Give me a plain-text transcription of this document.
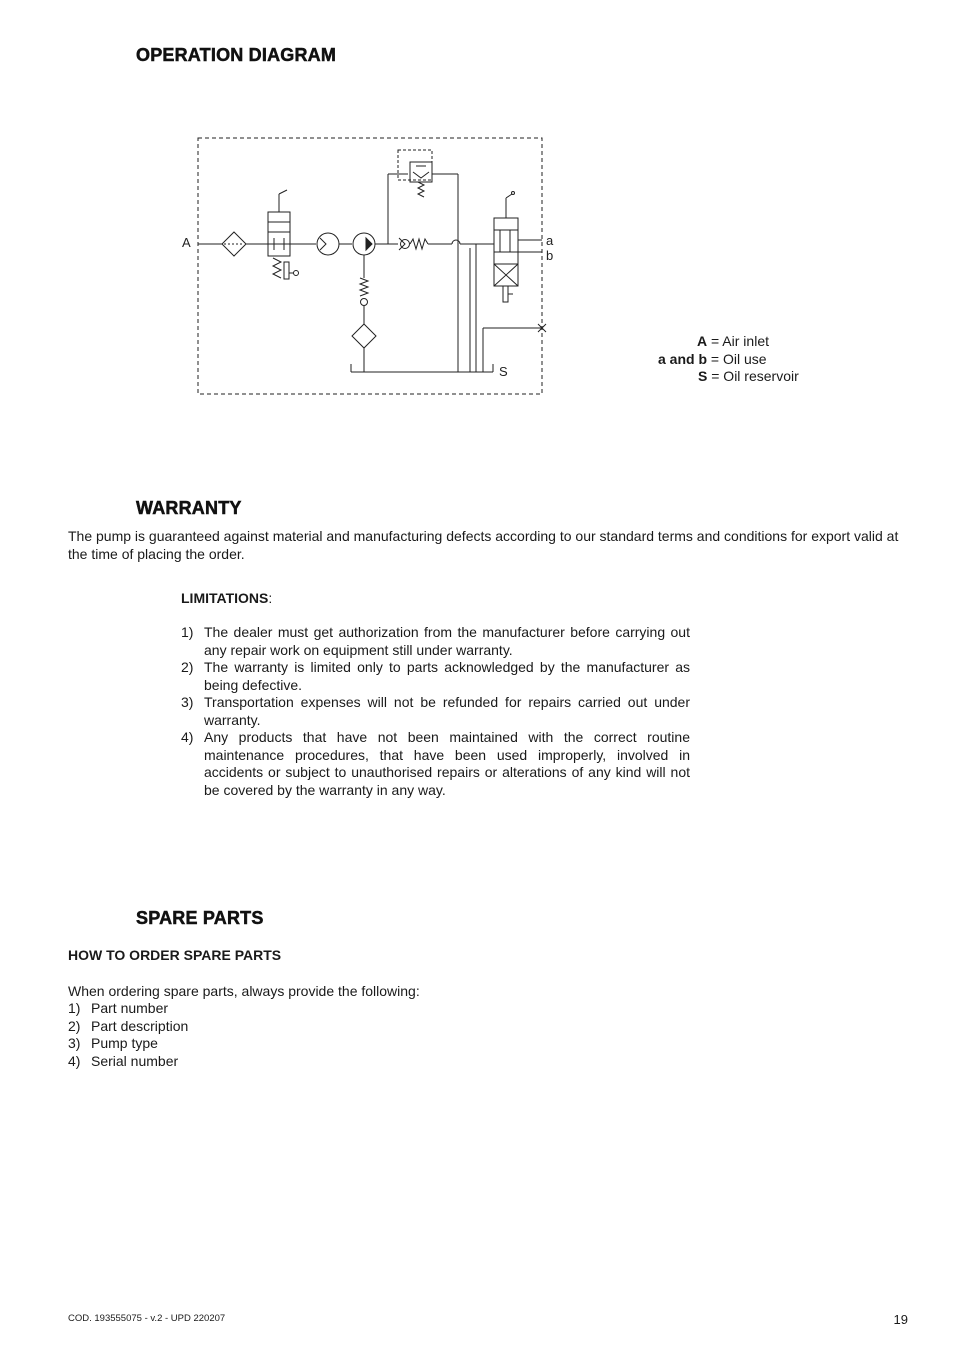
OPERATION DIAGRAM
A
S
a
b
A = Air inlet
a and b = Oil use
S = Oil reservoir
WARRANTY
The pump is guaranteed against material and manufacturing defects according to our standard terms and conditions for export valid at the time of placing the order.
LIMITATIONS:
1) The dealer must get authorization from the manufacturer before carrying out any repair work on equipment still under warranty.
2) The warranty is limited only to parts acknowledged by the manufacturer as being defective.
3) Transportation expenses will not be refunded for repairs carried out under warranty.
4) Any products that have not been maintained with the correct routine maintenance procedures, that have been used improperly, involved in accidents or subject to unauthorised repairs or alterations of any kind will not be covered by the warranty in any way.
SPARE PARTS
HOW TO ORDER SPARE PARTS
When ordering spare parts, always provide the following:
1) Part number
2) Part description
3) Pump type
4) Serial number
COD. 193555075 - v.2 - UPD 220207	19
